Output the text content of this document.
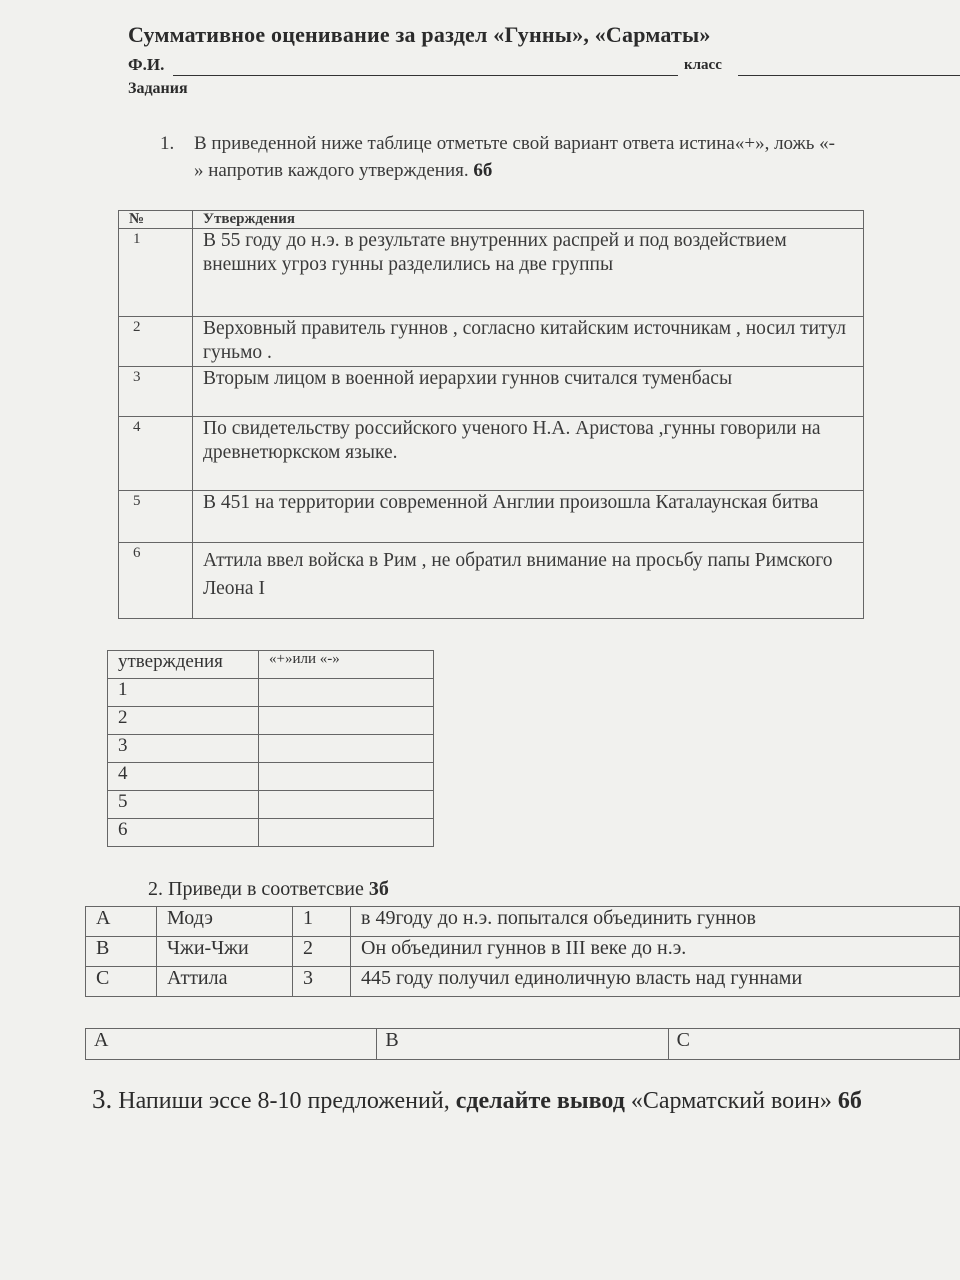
Суммативное оценивание за раздел «Гунны», «Сарматы»
Ф.И.	класс
Задания
1. В приведенной ниже таблице отметьте свой вариант ответа истина«+», ложь «- » напротив каждого утверждения. 6б
№	Утверждения
1	В 55 году до н.э. в результате внутренних распрей и под воздействием внешних угроз гунны разделились на две группы
2	Верховный правитель гуннов , согласно китайским источникам , носил титул гуньмо .
3	Вторым лицом в военной иерархии гуннов считался туменбасы
4	По свидетельству российского ученого Н.А. Аристова ,гунны говорили на древнетюркском языке.
5	В 451 на территории современной Англии произошла Каталаунская битва
6	Аттила ввел войска в Рим , не обратил внимание на просьбу папы Римского Леона I
утверждения	«+»или «-»
1	
2	
3	
4	
5	
6	
2. Приведи в соответсвие 3б
A	Модэ	1	в 49году до н.э. попытался объединить гуннов
B	Чжи-Чжи	2	Он объединил гуннов в III веке до н.э.
C	Аттила	3	445 году получил единоличную власть над гуннами
A	B	C
3. Напиши эссе 8-10 предложений, сделайте вывод «Сарматский воин» 6б
